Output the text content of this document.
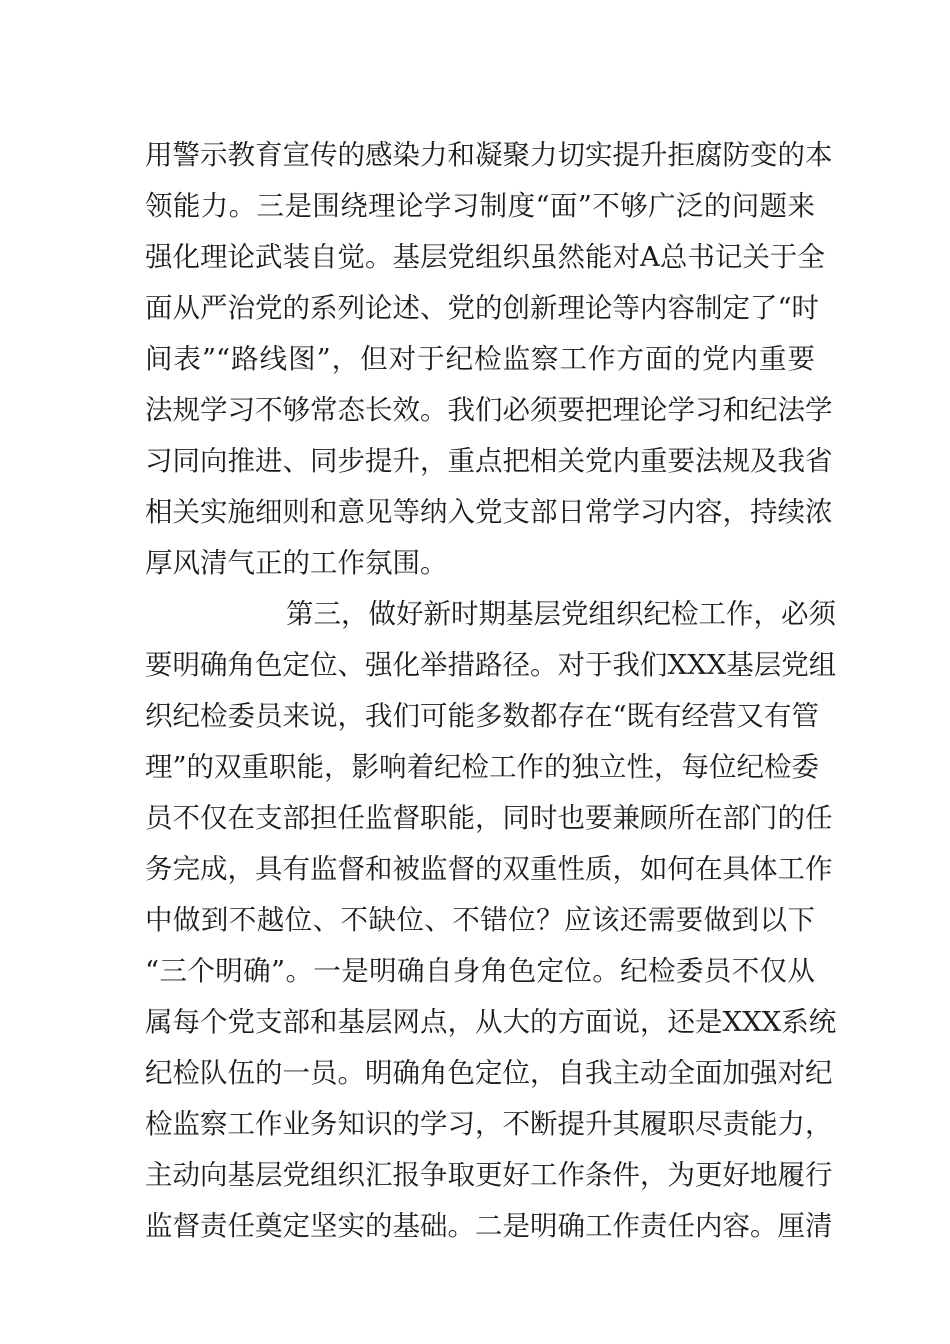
用警示教育宣传的感染力和凝聚力切实提升拒腐防变的本
领能力。三是围绕理论学习制度“面”不够广泛的问题来
强化理论武装自觉。基层党组织虽然能对A总书记关于全
面从严治党的系列论述、党的创新理论等内容制定了“时
间表”“路线图”，但对于纪检监察工作方面的党内重要
法规学习不够常态长效。我们必须要把理论学习和纪法学
习同向推进、同步提升，重点把相关党内重要法规及我省
相关实施细则和意见等纳入党支部日常学习内容，持续浓
厚风清气正的工作氛围。
第三，做好新时期基层党组织纪检工作，必须
要明确角色定位、强化举措路径。对于我们XXX基层党组
织纪检委员来说，我们可能多数都存在“既有经营又有管
理”的双重职能，影响着纪检工作的独立性，每位纪检委
员不仅在支部担任监督职能，同时也要兼顾所在部门的任
务完成，具有监督和被监督的双重性质，如何在具体工作
中做到不越位、不缺位、不错位？应该还需要做到以下
“三个明确”。一是明确自身角色定位。纪检委员不仅从
属每个党支部和基层网点，从大的方面说，还是XXX系统
纪检队伍的一员。明确角色定位，自我主动全面加强对纪
检监察工作业务知识的学习，不断提升其履职尽责能力，
主动向基层党组织汇报争取更好工作条件，为更好地履行
监督责任奠定坚实的基础。二是明确工作责任内容。厘清
